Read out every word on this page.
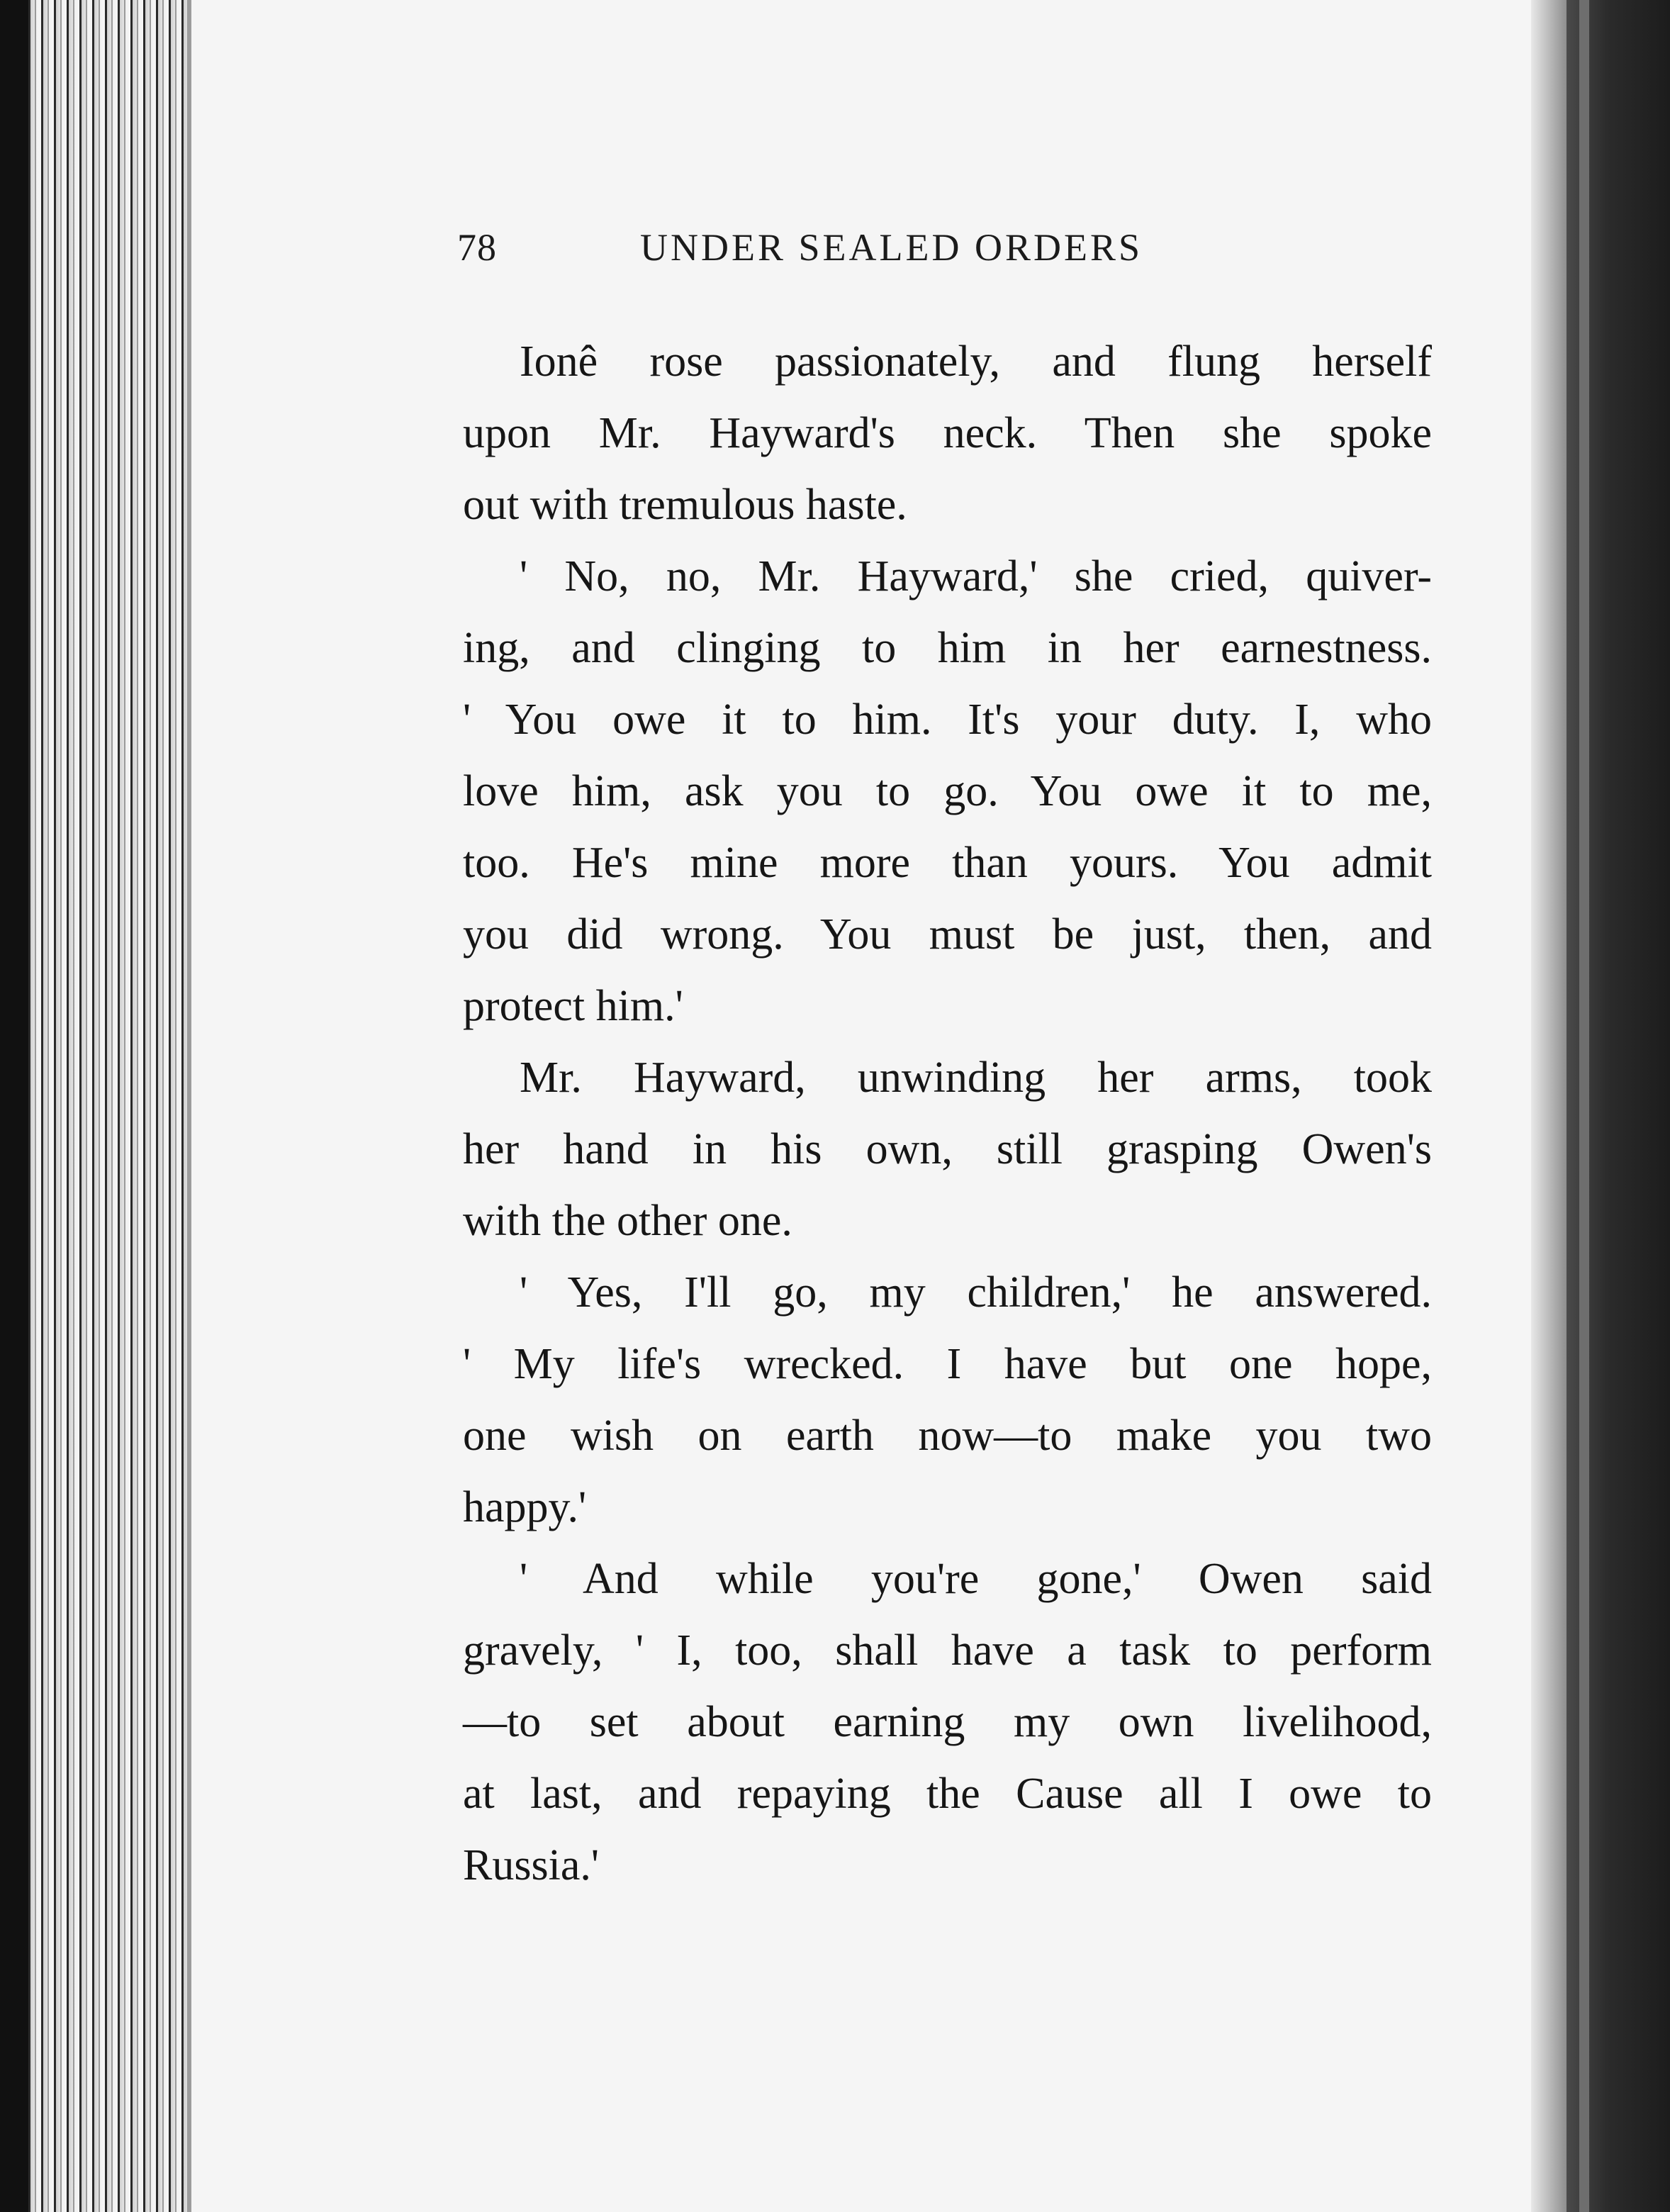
78	UNDER SEALED ORDERS
Ionê rose passionately, and flung herself
upon Mr. Hayward's neck. Then she spoke
out with tremulous haste.
' No, no, Mr. Hayward,' she cried, quiver-
ing, and clinging to him in her earnestness.
' You owe it to him. It's your duty. I, who
love him, ask you to go. You owe it to me,
too. He's mine more than yours. You admit
you did wrong. You must be just, then, and
protect him.'
Mr. Hayward, unwinding her arms, took
her hand in his own, still grasping Owen's
with the other one.
' Yes, I'll go, my children,' he answered.
' My life's wrecked. I have but one hope,
one wish on earth now—to make you two
happy.'
' And while you're gone,' Owen said
gravely, ' I, too, shall have a task to perform
—to set about earning my own livelihood,
at last, and repaying the Cause all I owe to
Russia.'
